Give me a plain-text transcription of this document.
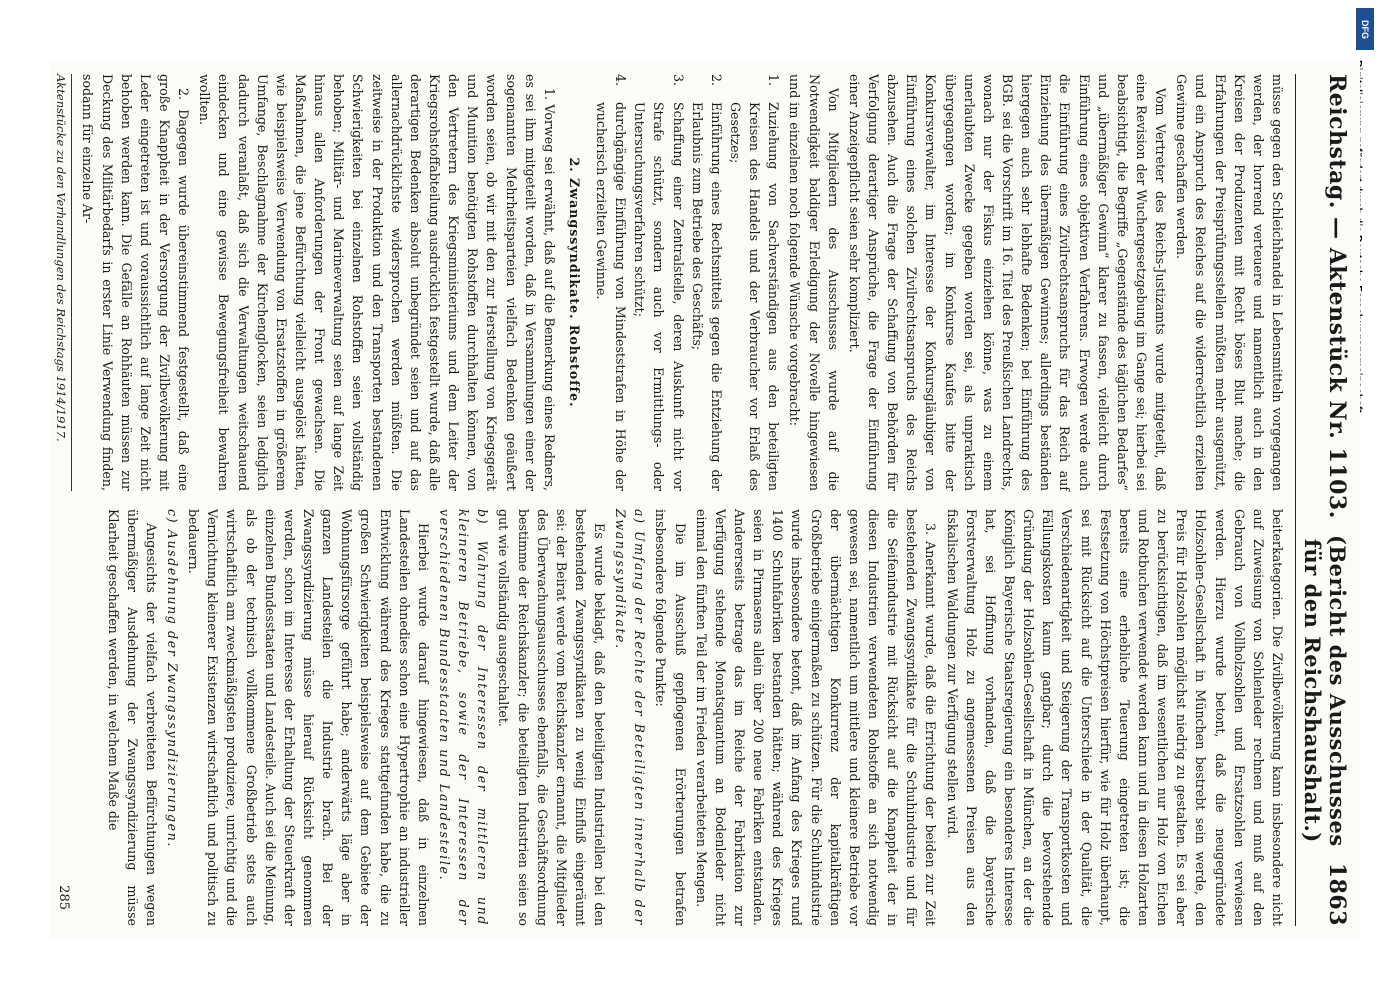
DFG
Reichstag. — Aktenstück Nr. 1103.
(Bericht des Ausschusses für den Reichshaushalt.)
1863

müsse gegen den Schleichhandel in Lebensmitteln vorgegangen werden, der horrend verteuere und namentlich auch in den Kreisen der Produzenten mit Recht böses Blut mache; die Erfahrungen der Preisprüfungsstellen müßten mehr ausgenützt, und ein Anspruch des Reiches auf die widerrechtlich erzielten Gewinne geschaffen werden.

Vom Vertreter des Reichs-Justizamts wurde mitgeteilt, daß eine Revision der Wuchergesetzgebung im Gange sei; hierbei sei beabsichtigt, die Begriffe „Gegenstände des täglichen Bedarfes“ und „übermäßiger Gewinn“ klarer zu fassen, vielleicht durch Einführung eines objektiven Verfahrens. Erwogen werde auch die Einführung eines Zivilrechtsanspruchs für das Reich auf Einziehung des übermäßigen Gewinnes; allerdings beständen hiergegen auch sehr lebhafte Bedenken; bei Einführung des BGB. sei die Vorschrift im 16. Titel des Preußischen Landrechts, wonach nur der Fiskus einziehen könne, was zu einem unerlaubten Zwecke gegeben worden sei, als unpraktisch übergegangen worden; im Konkurse Kaufes bitte der Konkursverwalter, im Interesse der Konkursgläubiger von Einführung eines solchen Zivilrechtsanspruchs des Reichs abzusehen. Auch die Frage der Schaffung von Behörden für Verfolgung derartiger Ansprüche, die Frage der Einführung einer Anzeigepflicht seien sehr kompliziert.

Von Mitgliedern des Ausschusses wurde auf die Notwendigkeit baldiger Erledigung der Novelle hingewiesen und im einzelnen noch folgende Wünsche vorgebracht:

1.
Zuziehung von Sachverständigen aus den beteiligten Kreisen des Handels und der Verbraucher vor Erlaß des Gesetzes;
2.
Einführung eines Rechtsmittels gegen die Entziehung der Erlaubnis zum Betriebe des Geschäfts;
3.
Schaffung einer Zentralstelle, deren Auskunft nicht vor Strafe schützt, sondern auch vor Ermittlungs- oder Untersuchungsverfahren schützt;
4.
durchgängige Einführung von Mindeststrafen in Höhe der wucherisch erzielten Gewinne.
2. Zwangssyndikate. Rohstoffe.

1. Vorweg sei erwähnt, daß auf die Bemerkung eines Redners, es sei ihm mitgeteilt worden, daß in Versammlungen einer der sogenannten Mehrheitsparteien vielfach Bedenken geäußert worden seien, ob wir mit den zur Herstellung von Kriegsgerät und Munition benötigten Rohstoffen durchhalten können, von den Vertretern des Kriegsministeriums und dem Leiter der Kriegsrohstoffabteilung ausdrücklich festgestellt wurde, daß alle derartigen Bedenken absolut unbegründet seien und auf das allernachdrücklichste widersprochen werden müßten. Die zeitweise in der Produktion und den Transporten bestandenen Schwierigkeiten bei einzelnen Rohstoffen seien vollständig behoben; Militär- und Marineverwaltung seien auf lange Zeit hinaus allen Anforderungen der Front gewachsen. Die Maßnahmen, die jene Befürchtung vielleicht ausgelöst hätten, wie beispielsweise Verwendung von Ersatzstoffen in größerem Umfange, Beschlagnahme der Kirchenglocken, seien lediglich dadurch veranlaßt, daß sich die Verwaltungen weitschauend eindecken und eine gewisse Bewegungsfreiheit bewahren wollten.

2. Dagegen wurde übereinstimmend festgestellt, daß eine große Knappheit in der Versorgung der Zivilbevölkerung mit Leder eingetreten ist und voraussichtlich auf lange Zeit nicht behoben werden kann. Die Gefälle an Rohhäuten müssen zur Deckung des Militärbedarfs in erster Linie Verwendung finden, sodann für einzelne Ar-

Aktenstücke zu den Verhandlungen des Reichstags 1914/1917.

beiterkategorien. Die Zivilbevölkerung kann insbesondere nicht auf Zuweisung von Sohlenleder rechnen und muß auf den Gebrauch von Vollholzsohlen und Ersatzsohlen verwiesen werden. Hierzu wurde betont, daß die neugegründete Holzsohlen-Gesellschaft in München bestrebt sein werde, den Preis für Holzsohlen möglichst niedrig zu gestalten. Es sei aber zu berücksichtigen, daß im wesentlichen nur Holz von Eichen und Rotbuchen verwendet werden kann und in diesen Holzarten bereits eine erhebliche Teuerung eingetreten ist; die Festsetzung von Höchstpreisen hierfür, wie für Holz überhaupt, sei mit Rücksicht auf die Unterschiede in der Qualität, die Verschiedenartigkeit und Steigerung der Transportkosten und Fällungskosten kaum gangbar; durch die bevorstehende Gründung der Holzsohlen-Gesellschaft in München, an der die Königlich Bayerische Staatsregierung ein besonderes Interesse hat, sei Hoffnung vorhanden, daß die bayerische Forstverwaltung Holz zu angemessenen Preisen aus den fiskalischen Waldungen zur Verfügung stellen wird.

3. Anerkannt wurde, daß die Errichtung der beiden zur Zeit bestehenden Zwangssyndikate für die Schuhindustrie und für die Seifenindustrie mit Rücksicht auf die Knappheit der in diesen Industrien verwendeten Rohstoffe an sich notwendig gewesen sei, namentlich um mittlere und kleinere Betriebe vor der übermächtigen Konkurrenz der kapitalkräftigen Großbetriebe einigermaßen zu schützen. Für die Schuhindustrie wurde insbesondere betont, daß im Anfang des Krieges rund 1400 Schuhfabriken bestanden hätten; während des Krieges seien in Pirmasens allein über 200 neue Fabriken entstanden. Andererseits betrage das im Reiche der Fabrikation zur Verfügung stehende Monatsquantum an Bodenleder nicht einmal den fünften Teil der im Frieden verarbeiteten Mengen.

Die im Ausschuß gepflogenen Erörterungen betrafen insbesondere folgende Punkte:

a) Umfang der Rechte der Beteiligten innerhalb der Zwangssyndikate.

Es wurde beklagt, daß den beteiligten Industriellen bei den bestehenden Zwangssyndikaten zu wenig Einfluß eingeräumt sei: der Beirat werde vom Reichskanzler ernannt, die Mitglieder des Überwachungsausschusses ebenfalls, die Geschäftsordnung bestimme der Reichskanzler; die beteiligten Industrien seien so gut wie vollständig ausgeschaltet.

b) Wahrung der Interessen der mittleren und kleineren Betriebe, sowie der Interessen der verschiedenen Bundesstaaten und Landesteile.

Hierbei wurde darauf hingewiesen, daß in einzelnen Landesteilen ohnedies schon eine Hypertrophie an industrieller Entwicklung während des Krieges stattgefunden habe, die zu großen Schwierigkeiten beispielsweise auf dem Gebiete der Wohnungsfürsorge geführt habe; anderwärts läge aber in ganzen Landesteilen die Industrie brach. Bei der Zwangssyndizierung müsse hierauf Rücksicht genommen werden, schon im Interesse der Erhaltung der Steuerkraft der einzelnen Bundesstaaten und Landesteile. Auch sei die Meinung, als ob der technisch vollkommene Großbetrieb stets auch wirtschaftlich am zweckmäßigsten produziere, unrichtig und die Vernichtung kleinerer Existenzen wirtschaftlich und politisch zu bedauern.

c) Ausdehnung der Zwangssyndizierungen.

Angesichts der vielfach verbreiteten Befürchtungen wegen übermäßiger Ausdehnung der Zwangssyndizierung müsse Klarheit geschaffen werden, in welchem Maße die

285
